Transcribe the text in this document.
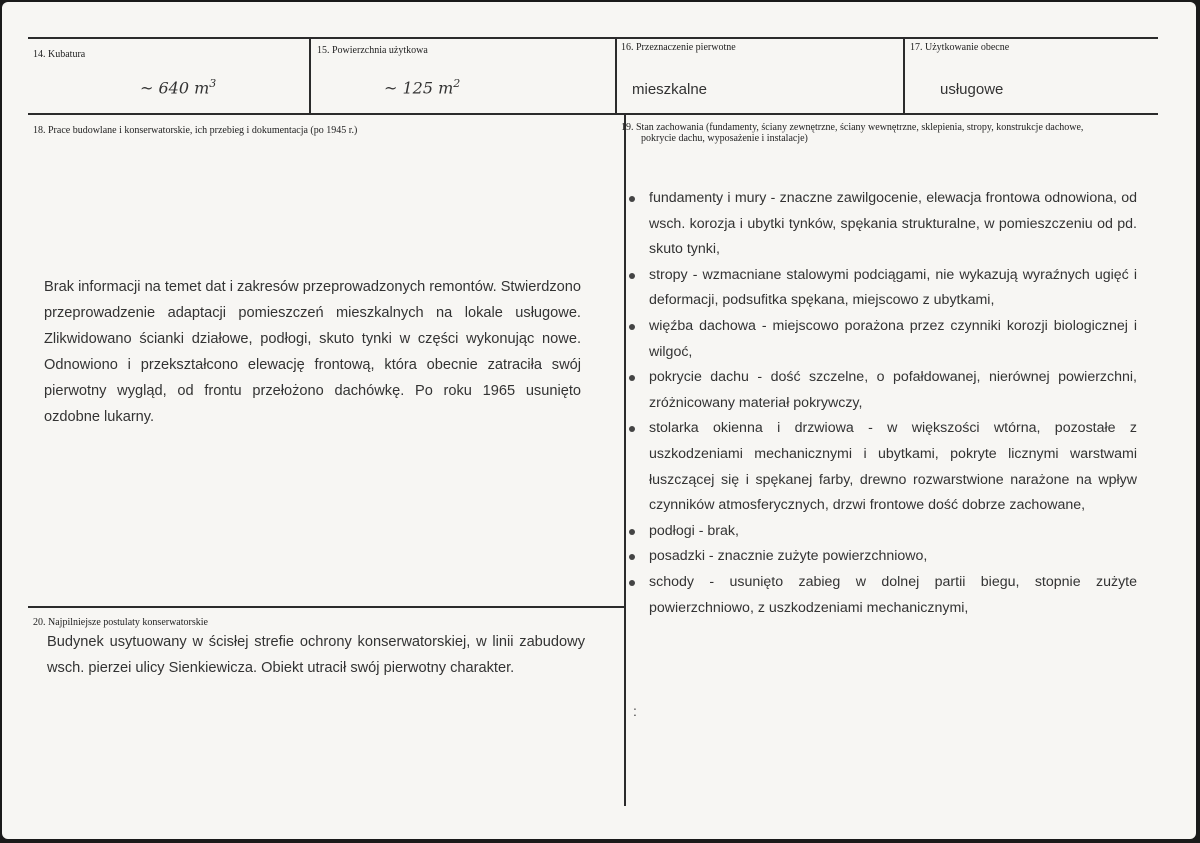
14. Kubatura
~ 640 $m^3$
15. Powierzchnia użytkowa
~ 125 $m^2$
16. Przeznaczenie pierwotne
mieszkalne
17. Użytkowanie obecne
usługowe
18. Prace budowlane i konserwatorskie, ich przebieg i dokumentacja (po 1945 r.)
Brak informacji na temet dat i zakresów przeprowadzonych remontów. Stwierdzono przeprowadzenie adaptacji pomieszczeń mieszkalnych na lokale usługowe. Zlikwidowano ścianki działowe, podłogi, skuto tynki w części wykonując nowe. Odnowiono i przekształcono elewację frontową, która obecnie zatraciła swój pierwotny wygląd, od frontu przełożono dachówkę. Po roku 1965 usunięto ozdobne lukarny.
19. Stan zachowania (fundamenty, ściany zewnętrzne, ściany wewnętrzne, sklepienia, stropy, konstrukcje dachowe,
pokrycie dachu, wyposażenie i instalacje)
fundamenty i mury - znaczne zawilgocenie, elewacja frontowa odnowiona, od wsch. korozja i ubytki tynków, spękania strukturalne, w pomieszczeniu od pd. skuto tynki,
stropy - wzmacniane stalowymi podciągami, nie wykazują wyraźnych ugięć i deformacji, podsufitka spękana, miejscowo z ubytkami,
więźba dachowa - miejscowo porażona przez czynniki korozji biologicznej i wilgoć,
pokrycie dachu - dość szczelne, o pofałdowanej, nierównej powierzchni, zróżnicowany materiał pokrywczy,
stolarka okienna i drzwiowa - w większości wtórna, pozostałe z uszkodzeniami mechanicznymi i ubytkami, pokryte licznymi warstwami łuszczącej się i spękanej farby, drewno rozwarstwione narażone na wpływ czynników atmosferycznych, drzwi frontowe dość dobrze zachowane,
podłogi - brak,
posadzki - znacznie zużyte powierzchniowo,
schody - usunięto zabieg w dolnej partii biegu, stopnie zużyte powierzchniowo, z uszkodzeniami mechanicznymi,
:
20. Najpilniejsze postulaty konserwatorskie
Budynek usytuowany w ścisłej strefie ochrony konserwatorskiej, w linii zabudowy wsch. pierzei ulicy Sienkiewicza. Obiekt utracił swój pierwotny charakter.
